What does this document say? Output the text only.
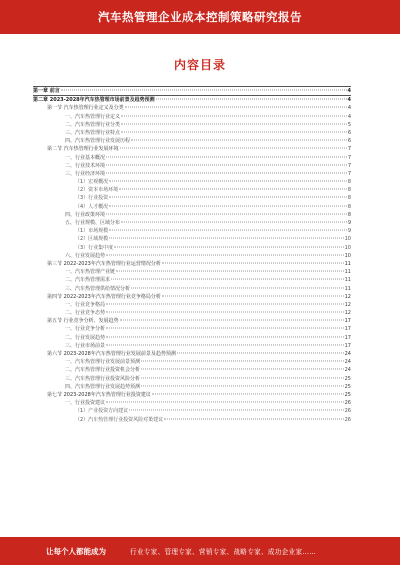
汽车热管理企业成本控制策略研究报告
内容目录
第一章 前言	4
第二章 2023-2028年汽车热管理市场前景及趋势预测	4
第一节 汽车热管理行业定义及分类	4
一、汽车热管理行业定义	4
二、汽车热管理行业分类	5
三、汽车热管理行业特点	6
四、汽车热管理行业发展历程	6
第二节 汽车热管理行业发展环境	7
一、行业基本概况	7
二、行业技术环境	7
三、行业经济环境	7
（1）宏观概况	8
（2）资本市场环境	8
（3）行业投资	8
（4）人才概况	8
四、行业政策环境	8
五、行业规模、区域分布	9
（1）市场规模	9
（2）区域规模	10
（3）行业集中度	10
六、行业发展趋势	10
第三节 2022-2023年汽车热管理行业运营情况分析	11
一、汽车热管理产业链	11
二、汽车热管理需求	11
三、汽车热管理供给情况分析	11
第四节 2022-2023年汽车热管理行业竞争格局分析	12
一、行业竞争格局	12
二、行业竞争态势	12
第五节 行业竞争分析、发展趋势	17
一、行业竞争分析	17
二、行业发展趋势	17
三、行业市场前景	17
第六节 2023-2028年汽车热管理行业发展前景及趋势预测	24
一、汽车热管理行业发展前景预测	24
二、汽车热管理行业投资机会分析	24
三、汽车热管理行业投资风险分析	25
四、汽车热管理行业发展趋势预测	25
第七节 2023-2028年汽车热管理行业投资建议	25
一、行业投资建议	26
（1）产业投资方向建议	26
（2）汽车热管理行业投资风险对策建议	26
让每个人都能成为	行业专家、管理专家、营销专家、战略专家、成功企业家……
